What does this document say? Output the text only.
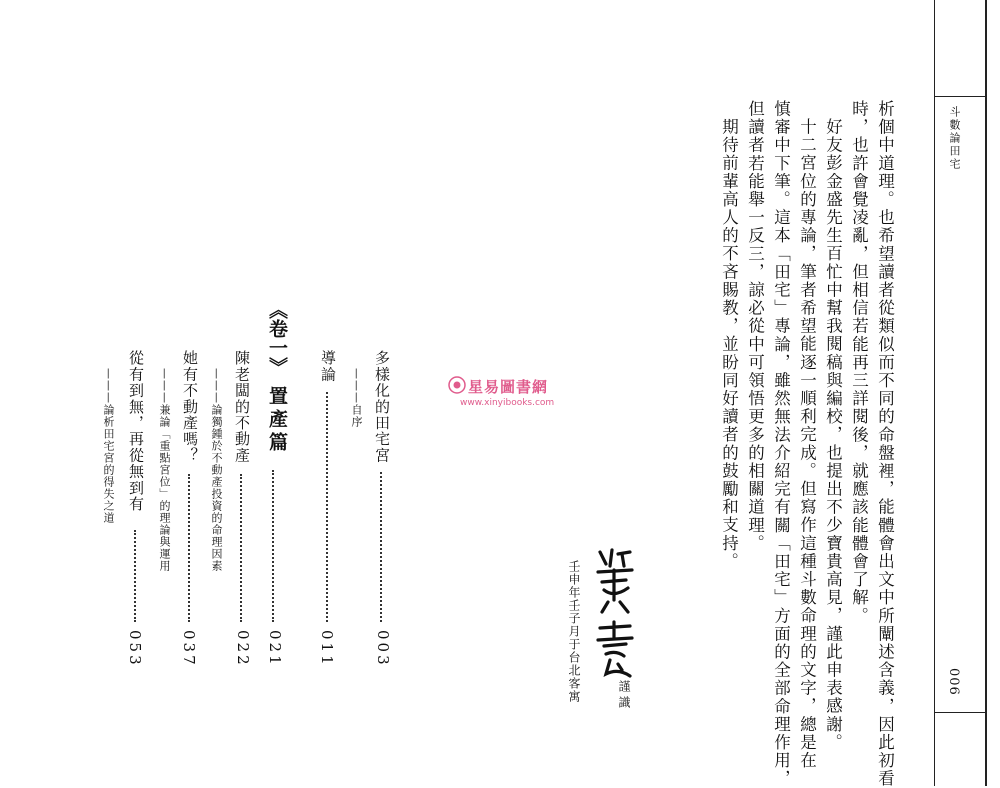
斗數論田宅
006
析個中道理。也希望讀者從類似而不同的命盤裡，能體會出文中所闡述含義，因此初看
時，也許會覺凌亂，但相信若能再三詳閱後，就應該能體會了解。
好友彭金盛先生百忙中幫我閱稿與編校，也提出不少寶貴高見，謹此申表感謝。
十二宮位的專論，筆者希望能逐一順利完成。但寫作這種斗數命理的文字，總是在
慎審中下筆。這本「田宅」專論，雖然無法介紹完有關「田宅」方面的全部命理作用，
但讀者若能舉一反三，諒必從中可領悟更多的相關道理。
期待前輩高人的不吝賜教，並盼同好讀者的鼓勵和支持。
星易圖書網
www.xinyibooks.com
謹識
壬申年壬子月于台北客寓
多樣化的田宅宮
003
———自序
導論
011
《卷一》
置產篇
021
陳老闆的不動產
022
———論獨鍾於不動產投資的命理因素
她有不動產嗎？
037
———兼論「重點宮位」的理論與運用
從有到無，再從無到有
053
———論析田宅宮的得失之道
